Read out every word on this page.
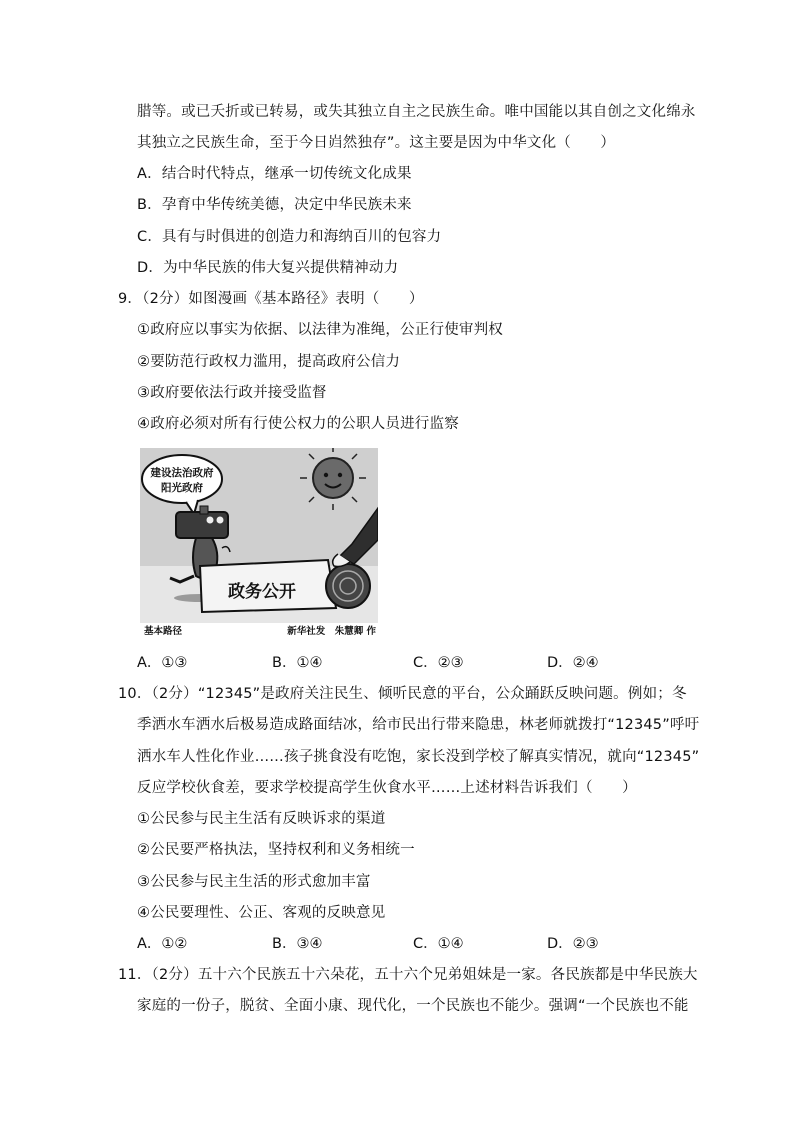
腊等。或已夭折或已转易，或失其独立自主之民族生命。唯中国能以其自创之文化绵永
其独立之民族生命，至于今日岿然独存”。这主要是因为中华文化（　　）
A．结合时代特点，继承一切传统文化成果
B．孕育中华传统美德，决定中华民族未来
C．具有与时俱进的创造力和海纳百川的包容力
D．为中华民族的伟大复兴提供精神动力
9．（2分）如图漫画《基本路径》表明（　　）
①政府应以事实为依据、以法律为准绳，公正行使审判权
②要防范行政权力滥用，提高政府公信力
③政府要依法行政并接受监督
④政府必须对所有行使公权力的公职人员进行监察
建设法治政府
阳光政府
政务公开
基本路径	新华社发　朱慧卿 作
A．①③	B．①④	C．②③	D．②④
10．（2分）“12345”是政府关注民生、倾听民意的平台，公众踊跃反映问题。例如；冬
季洒水车洒水后极易造成路面结冰，给市民出行带来隐患，林老师就拨打“12345”呼吁
洒水车人性化作业……孩子挑食没有吃饱，家长没到学校了解真实情况，就向“12345”
反应学校伙食差，要求学校提高学生伙食水平……上述材料告诉我们（　　）
①公民参与民主生活有反映诉求的渠道
②公民要严格执法，坚持权利和义务相统一
③公民参与民主生活的形式愈加丰富
④公民要理性、公正、客观的反映意见
A．①②	B．③④	C．①④	D．②③
11．（2分）五十六个民族五十六朵花，五十六个兄弟姐妹是一家。各民族都是中华民族大
家庭的一份子，脱贫、全面小康、现代化，一个民族也不能少。强调“一个民族也不能
